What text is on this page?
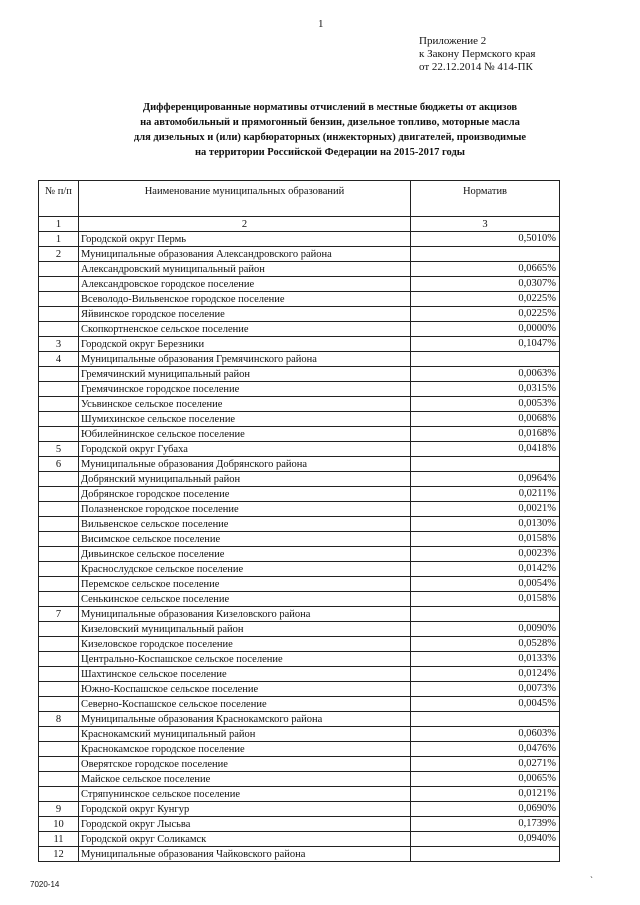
1
Приложение 2
к Закону Пермского края
от 22.12.2014 № 414-ПК
Дифференцированные нормативы отчислений в местные бюджеты от акцизов
на автомобильный и прямогонный бензин, дизельное топливо, моторные масла
для дизельных и (или) карбюраторных (инжекторных) двигателей, производимые
на территории Российской Федерации на 2015-2017 годы
№ п/п	Наименование муниципальных образований	Норматив
1	2	3
1	Городской округ Пермь	0,5010%
2	Муниципальные образования Александровского района	
	Александровский муниципальный район	0,0665%
	Александровское городское поселение	0,0307%
	Всеволодо-Вильвенское городское поселение	0,0225%
	Яйвинское городское поселение	0,0225%
	Скопкортненское сельское поселение	0,0000%
3	Городской округ Березники	0,1047%
4	Муниципальные образования Гремячинского района	
	Гремячинский муниципальный район	0,0063%
	Гремячинское городское поселение	0,0315%
	Усьвинское сельское поселение	0,0053%
	Шумихинское сельское поселение	0,0068%
	Юбилейнинское сельское поселение	0,0168%
5	Городской округ Губаха	0,0418%
6	Муниципальные образования Добрянского района	
	Добрянский муниципальный район	0,0964%
	Добрянское городское поселение	0,0211%
	Полазненское городское поселение	0,0021%
	Вильвенское сельское поселение	0,0130%
	Висимское сельское поселение	0,0158%
	Дивьинское сельское поселение	0,0023%
	Краснослудское сельское поселение	0,0142%
	Перемское сельское поселение	0,0054%
	Сенькинское сельское поселение	0,0158%
7	Муниципальные образования Кизеловского района	
	Кизеловский муниципальный район	0,0090%
	Кизеловское городское поселение	0,0528%
	Центрально-Коспашское сельское поселение	0,0133%
	Шахтинское сельское поселение	0,0124%
	Южно-Коспашское сельское поселение	0,0073%
	Северно-Коспашское сельское поселение	0,0045%
8	Муниципальные образования Краснокамского района	
	Краснокамский муниципальный район	0,0603%
	Краснокамское городское поселение	0,0476%
	Оверятское городское поселение	0,0271%
	Майское сельское поселение	0,0065%
	Стряпунинское сельское поселение	0,0121%
9	Городской округ Кунгур	0,0690%
10	Городской округ Лысьва	0,1739%
11	Городской округ Соликамск	0,0940%
12	Муниципальные образования Чайковского района	
7020-14
ˏ
